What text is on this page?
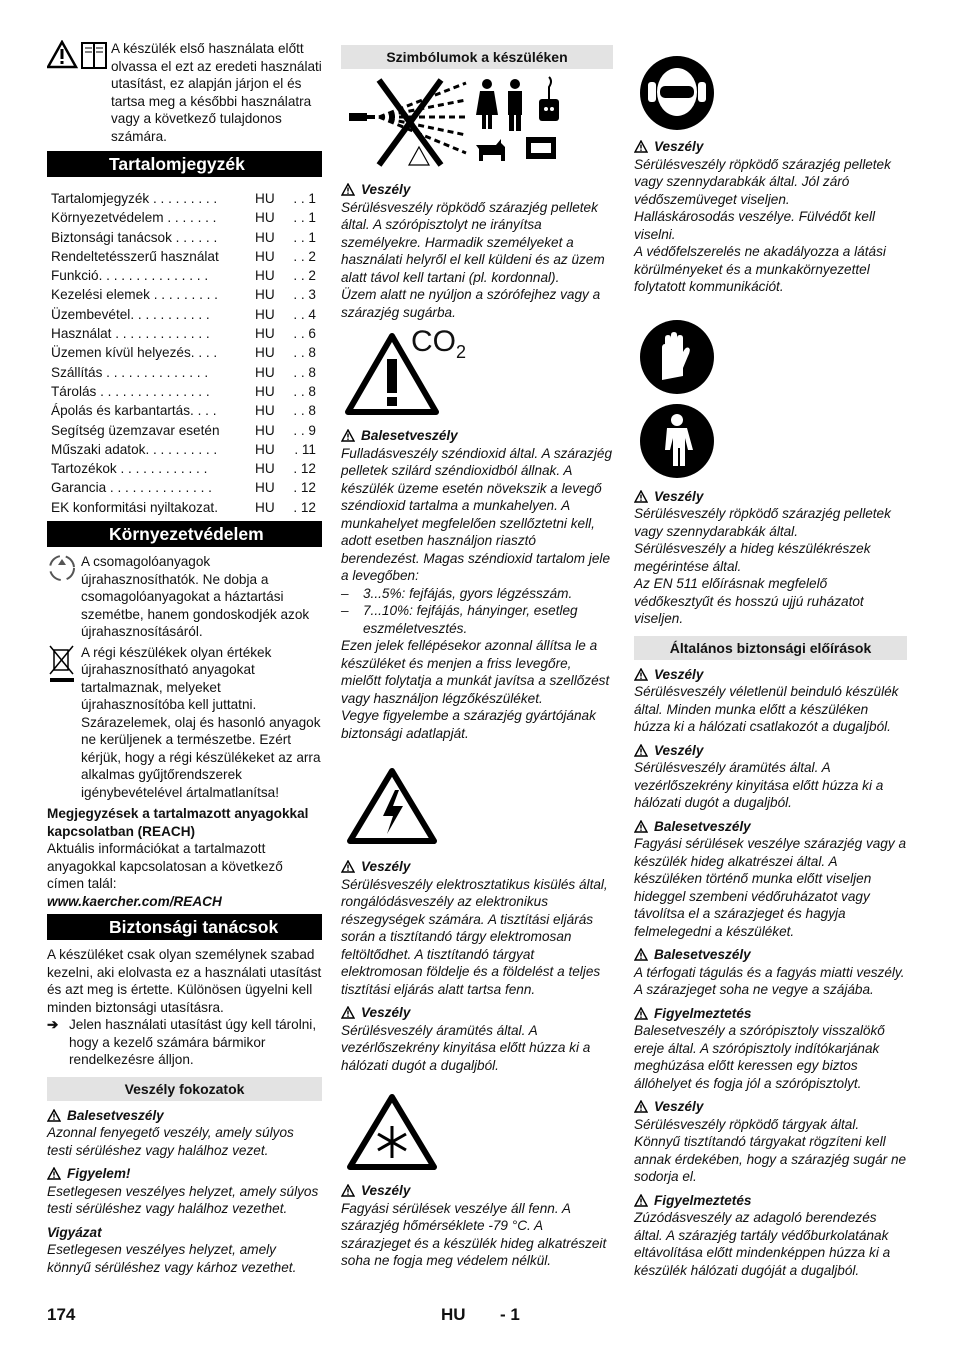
A készülék első használata előtt olvassa el ezt az eredeti használati utasítást, ez alapján járjon el és tartsa meg a későbbi használatra vagy a következő tulajdonos számára.
Tartalomjegyzék
Tartalomjegyzék . . . . . . . . .	HU	. . 1
Környezetvédelem . . . . . . .	HU	. . 1
Biztonsági tanácsok . . . . . .	HU	. . 1
Rendeltetésszerű használat	HU	. . 2
Funkció. . . . . . . . . . . . . . .	HU	. . 2
Kezelési elemek . . . . . . . . .	HU	. . 3
Üzembevétel. . . . . . . . . . .	HU	. . 4
Használat . . . . . . . . . . . . .	HU	. . 6
Üzemen kívül helyezés. . . .	HU	. . 8
Szállítás . . . . . . . . . . . . . .	HU	. . 8
Tárolás . . . . . . . . . . . . . . .	HU	. . 8
Ápolás és karbantartás. . . .	HU	. . 8
Segítség üzemzavar esetén	HU	. . 9
Műszaki adatok. . . . . . . . . .	HU	. 11
Tartozékok . . . . . . . . . . . .	HU	. 12
Garancia . . . . . . . . . . . . . .	HU	. 12
EK konformitási nyiltakozat.	HU	. 12
Környezetvédelem
A csomagolóanyagok újrahasznosíthatók. Ne dobja a csomagolóanyagokat a háztartási szemétbe, hanem gondoskodjék azok újrahasznosításáról.
A régi készülékek olyan értékek újrahasznosítható anyagokat tartalmaznak, melyeket újrahasznosítóba kell juttatni. Szárazelemek, olaj és hasonló anyagok ne kerüljenek a természetbe. Ezért kérjük, hogy a régi készülékeket az arra alkalmas gyűjtőrendszerek igénybevételével ártalmatlanítsa!
Megjegyzések a tartalmazott anyagokkal kapcsolatban (REACH)
Aktuális információkat a tartalmazott anyagokkal kapcsolatosan a következő címen talál:
www.kaercher.com/REACH
Biztonsági tanácsok
A készüléket csak olyan személynek szabad kezelni, aki elolvasta ez a használati utasítást és azt meg is értette. Különösen ügyelni kell minden biztonsági utasításra.
➔ Jelen használati utasítást úgy kell tárolni, hogy a kezelő számára bármikor rendelkezésre álljon.
Veszély fokozatok
Balesetveszély
Azonnal fenyegető veszély, amely súlyos testi sérüléshez vagy halálhoz vezet.
Figyelem!
Esetlegesen veszélyes helyzet, amely súlyos testi sérüléshez vagy halálhoz vezethet.
Vigyázat
Esetlegesen veszélyes helyzet, amely könnyű sérüléshez vagy kárhoz vezethet.
Szimbólumok a készüléken
Veszély
Sérülésveszély röpködő szárazjég pelletek által. A szórópisztolyt ne irányítsa személyekre. Harmadik személyeket a használati helyről el kell küldeni és az üzem alatt távol kell tartani (pl. kordonnal).
Üzem alatt ne nyúljon a szórófejhez vagy a szárazjég sugárba.
$CO_2$
Balesetveszély
Fulladásveszély széndioxid által. A szárazjég pelletek szilárd széndioxidból állnak. A készülék üzeme esetén növekszik a levegő széndioxid tartalma a munkahelyen. A munkahelyet megfelelően szellőztetni kell, adott esetben használjon riasztó berendezést. Magas széndioxid tartalom jele a levegőben:
–	3...5%: fejfájás, gyors légzésszám.
–	7...10%: fejfájás, hányinger, esetleg eszméletvesztés.
Ezen jelek fellépésekor azonnal állítsa le a készüléket és menjen a friss levegőre, mielőtt folytatja a munkát javítsa a szellőzést vagy használjon légzőkészüléket.
Vegye figyelembe a szárazjég gyártójának biztonsági adatlapját.
Veszély
Sérülésveszély elektrosztatikus kisülés által, rongálódásveszély az elektronikus részegységek számára. A tisztítási eljárás során a tisztítandó tárgy elektromosan feltöltődhet. A tisztítandó tárgyat elektromosan földelje és a földelést a teljes tisztítási eljárás alatt tartsa fenn.
Veszély
Sérülésveszély áramütés által. A vezérlőszekrény kinyitása előtt húzza ki a hálózati dugót a dugaljból.
Veszély
Fagyási sérülések veszélye áll fenn. A szárazjég hőmérséklete -79 °C. A szárazjeget és a készülék hideg alkatrészeit soha ne fogja meg védelem nélkül.
Veszély
Sérülésveszély röpködő szárazjég pelletek vagy szennydarabkák által. Jól záró védőszemüveget viseljen.
Halláskárosodás veszélye. Fülvédőt kell viselni.
A védőfelszerelés ne akadályozza a látási körülményeket és a munkakörnyezettel folytatott kommunikációt.
Veszély
Sérülésveszély röpködő szárazjég pelletek vagy szennydarabkák által.
Sérülésveszély a hideg készülékrészek megérintése által.
Az EN 511 előírásnak megfelelő védőkesztyűt és hosszú ujjú ruházatot viseljen.
Általános biztonsági előírások
Veszély
Sérülésveszély véletlenül beinduló készülék által. Minden munka előtt a készüléken húzza ki a hálózati csatlakozót a dugaljból.
Veszély
Sérülésveszély áramütés által. A vezérlőszekrény kinyitása előtt húzza ki a hálózati dugót a dugaljból.
Balesetveszély
Fagyási sérülések veszélye szárazjég vagy a készülék hideg alkatrészei által. A készüléken történő munka előtt viseljen hideggel szembeni védőruházatot vagy távolítsa el a szárazjeget és hagyja felmelegedni a készüléket.
Balesetveszély
A térfogati tágulás és a fagyás miatti veszély.
A szárazjeget soha ne vegye a szájába.
Figyelmeztetés
Balesetveszély a szórópisztoly visszalökő ereje által. A szórópisztoly indítókarjának meghúzása előtt keressen egy biztos állóhelyet és fogja jól a szórópisztolyt.
Veszély
Sérülésveszély röpködő tárgyak által. Könnyű tisztítandó tárgyakat rögzíteni kell annak érdekében, hogy a szárazjég sugár ne sodorja el.
Figyelmeztetés
Zúzódásveszély az adagoló berendezés által. A szárazjég tartály védőburkolatának eltávolítása előtt mindenképpen húzza ki a készülék hálózati dugóját a dugaljból.
174	HU - 1
